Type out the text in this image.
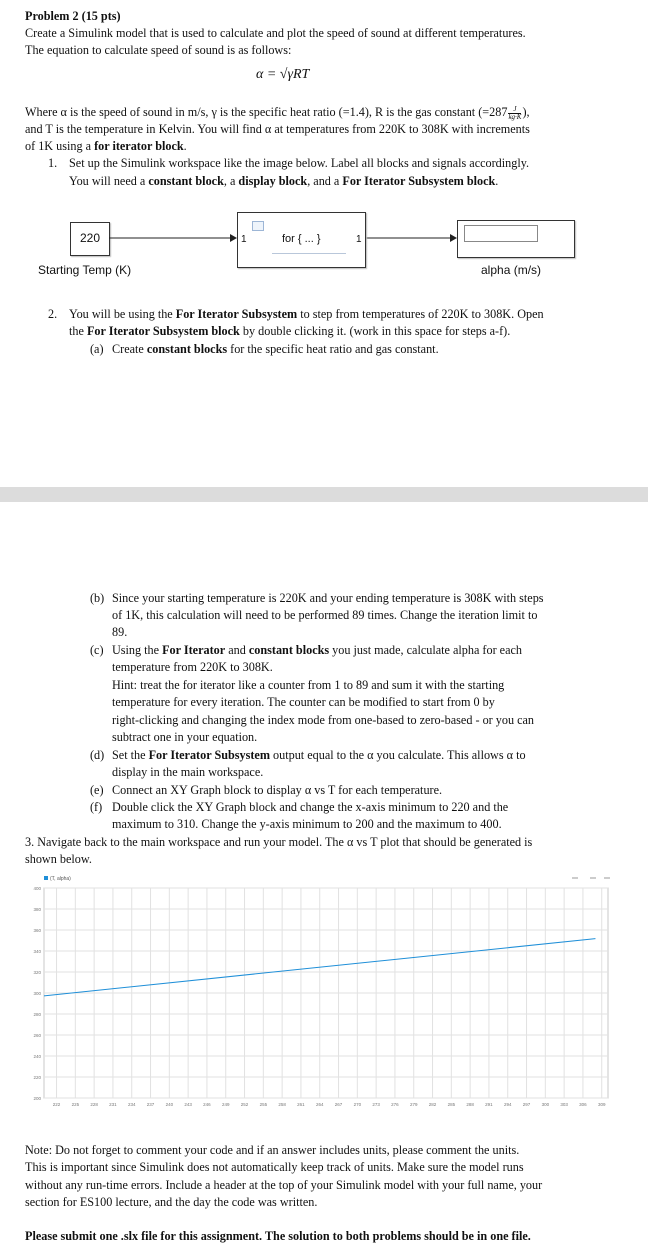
Problem 2 (15 pts)
Create a Simulink model that is used to calculate and plot the speed of sound at different temperatures.
The equation to calculate speed of sound is as follows:
α = √γRT
Where α is the speed of sound in m/s, γ is the specific heat ratio (=1.4), R is the gas constant ($=287 \frac{J}{kg\cdot K}$ ),
and T is the temperature in Kelvin. You will find α at temperatures from 220K to 308K with increments
of 1K using a for iterator block.
1. Set up the Simulink workspace like the image below. Label all blocks and signals accordingly.
You will need a constant block, a display block, and a For Iterator Subsystem block.
220
Starting Temp (K)
1	for { ... }	1
alpha (m/s)
2. You will be using the For Iterator Subsystem to step from temperatures of 220K to 308K. Open
the For Iterator Subsystem block by double clicking it. (work in this space for steps a-f).
(a) Create constant blocks for the specific heat ratio and gas constant.
(b) Since your starting temperature is 220K and your ending temperature is 308K with steps
of 1K, this calculation will need to be performed 89 times. Change the iteration limit to
89.
(c) Using the For Iterator and constant blocks you just made, calculate alpha for each
temperature from 220K to 308K.
Hint: treat the for iterator like a counter from 1 to 89 and sum it with the starting
temperature for every iteration. The counter can be modified to start from 0 by
right-clicking and changing the index mode from one-based to zero-based - or you can
subtract one in your equation.
(d) Set the For Iterator Subsystem output equal to the α you calculate. This allows α to
display in the main workspace.
(e) Connect an XY Graph block to display α vs T for each temperature.
(f) Double click the XY Graph block and change the x-axis minimum to 220 and the
maximum to 310. Change the y-axis minimum to 200 and the maximum to 400.
3. Navigate back to the main workspace and run your model. The α vs T plot that should be generated is
shown below.
200
220
240
260
280
300
320
340
360
380
400
222	225	228	231	234	237	240	243	246	249	252	255	258	261	264	267	270	273	276	279	282	285	288	291	294	297	300	303	306	309
(T, alpha)
Note: Do not forget to comment your code and if an answer includes units, please comment the units.
This is important since Simulink does not automatically keep track of units. Make sure the model runs
without any run-time errors. Include a header at the top of your Simulink model with your full name, your
section for ES100 lecture, and the day the code was written.
Please submit one .slx file for this assignment. The solution to both problems should be in one file.
